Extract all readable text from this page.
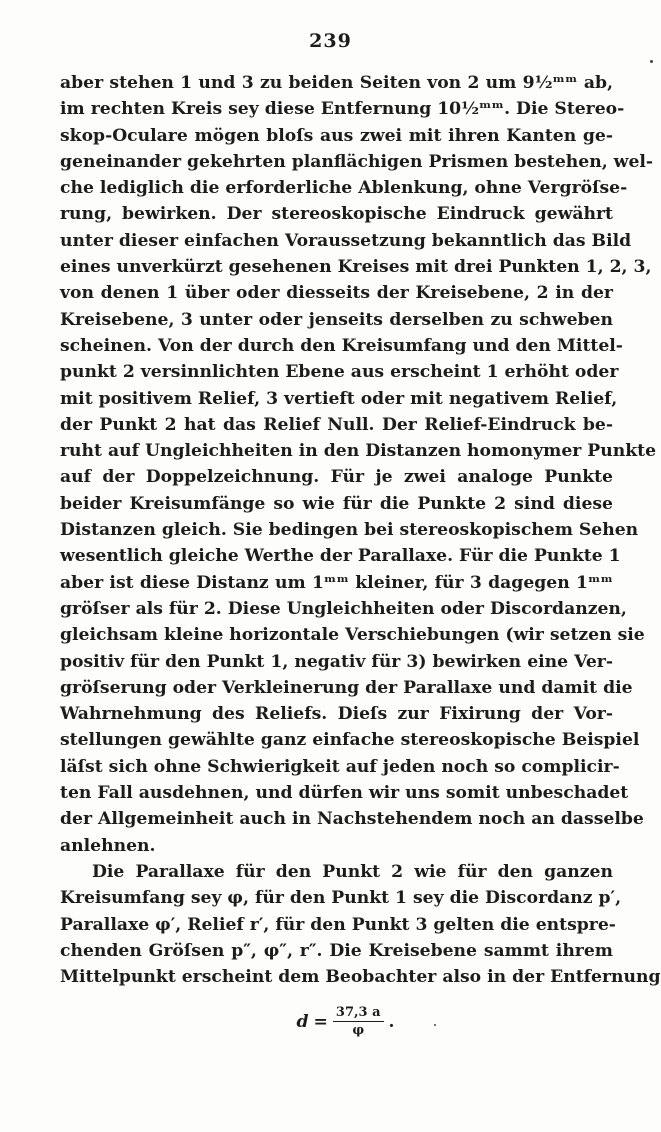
239
aber stehen 1 und 3 zu beiden Seiten von 2 um 9½ᵐᵐ ab,
im rechten Kreis sey diese Entfernung 10½ᵐᵐ. Die Stereo-
skop-Oculare mögen bloſs aus zwei mit ihren Kanten ge-
geneinander gekehrten planflächigen Prismen bestehen, wel-
che lediglich die erforderliche Ablenkung, ohne Vergröſse-
rung, bewirken. Der stereoskopische Eindruck gewährt
unter dieser einfachen Voraussetzung bekanntlich das Bild
eines unverkürzt gesehenen Kreises mit drei Punkten 1, 2, 3,
von denen 1 über oder diesseits der Kreisebene, 2 in der
Kreisebene, 3 unter oder jenseits derselben zu schweben
scheinen. Von der durch den Kreisumfang und den Mittel-
punkt 2 versinnlichten Ebene aus erscheint 1 erhöht oder
mit positivem Relief, 3 vertieft oder mit negativem Relief,
der Punkt 2 hat das Relief Null. Der Relief-Eindruck be-
ruht auf Ungleichheiten in den Distanzen homonymer Punkte
auf der Doppelzeichnung. Für je zwei analoge Punkte
beider Kreisumfänge so wie für die Punkte 2 sind diese
Distanzen gleich. Sie bedingen bei stereoskopischem Sehen
wesentlich gleiche Werthe der Parallaxe. Für die Punkte 1
aber ist diese Distanz um 1ᵐᵐ kleiner, für 3 dagegen 1ᵐᵐ
gröſser als für 2. Diese Ungleichheiten oder Discordanzen,
gleichsam kleine horizontale Verschiebungen (wir setzen sie
positiv für den Punkt 1, negativ für 3) bewirken eine Ver-
gröſserung oder Verkleinerung der Parallaxe und damit die
Wahrnehmung des Reliefs. Dieſs zur Fixirung der Vor-
stellungen gewählte ganz einfache stereoskopische Beispiel
läſst sich ohne Schwierigkeit auf jeden noch so complicir-
ten Fall ausdehnen, und dürfen wir uns somit unbeschadet
der Allgemeinheit auch in Nachstehendem noch an dasselbe
anlehnen.
Die Parallaxe für den Punkt 2 wie für den ganzen
Kreisumfang sey φ, für den Punkt 1 sey die Discordanz p′,
Parallaxe φ′, Relief r′, für den Punkt 3 gelten die entspre-
chenden Gröſsen p″, φ″, r″. Die Kreisebene sammt ihrem
Mittelpunkt erscheint dem Beobachter also in der Entfernung
$d = \frac{37,3 a}{\varphi}$ .
